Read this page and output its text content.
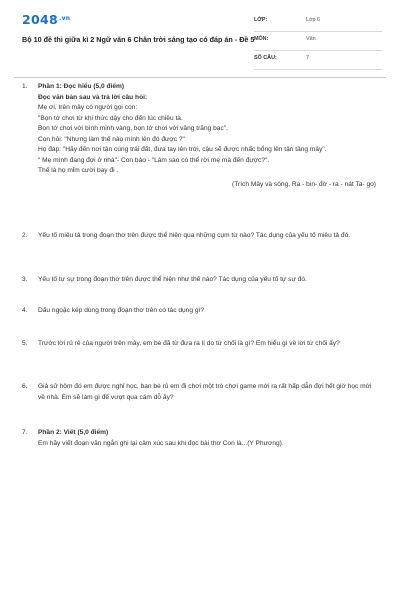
$2048^{.vn}$
Bộ 10 đề thi giữa kì 2 Ngữ văn 6 Chân trời sáng tạo có đáp án - Đề 5
LỚP:	Lớp 6
MÔN:	Văn
SỐ CÂU:	7
1. Phần 1: Đọc hiểu (5,0 điểm)
Đọc văn bản sau và trả lời câu hỏi:
Mẹ ơi, trên mây có người gọi con:
"Bọn tớ chơi từ khi thức dậy cho đến lúc chiều tà.
Bọn tớ chơi với bình minh vàng, bọn tớ chơi với vầng trăng bạc".
Con hỏi: "Nhưng làm thế nào mình lên đó được ?"
Họ đáp: "Hãy đến nơi tận cùng trái đất, đưa tay lên trời, cậu sẽ được nhấc bổng lên tận tầng mây".
" Mẹ mình đang đợi ở nhà"- Con bảo - "Làm sao có thể rời mẹ mà đến được?".
Thế là họ mỉm cười bay đi .
(Trích Mây và sóng, Ra - bin- đờ - ra - nát Ta- go)
2. Yếu tố miêu tả trong đoạn thơ trên được thể hiện qua những cụm từ nào? Tác dụng của yếu tố miêu tả đó.
3. Yếu tố tự sự trong đoạn thơ trên được thể hiện như thế nào? Tác dụng của yếu tố tự sự đó.
4. Dấu ngoặc kép dùng trong đoạn thơ trên có tác dụng gì?
5. Trước lời rủ rê của người trên mây, em bé đã từ đưa ra lí do từ chối là gì? Em hiểu gì về lời từ chối ấy?
6. Giả sử hôm đó em được nghỉ học, bạn bè rủ em đi chơi một trò chơi game mới ra rất hấp dẫn đợi hết giờ học mới về nhà. Em sẽ làm gì để vượt qua cám dỗ ấy?
7. Phần 2: Viết (5,0 điểm)
Em hãy viết đoạn văn ngắn ghi lại cảm xúc sau khi đọc bài thơ Con là...(Y Phương).
